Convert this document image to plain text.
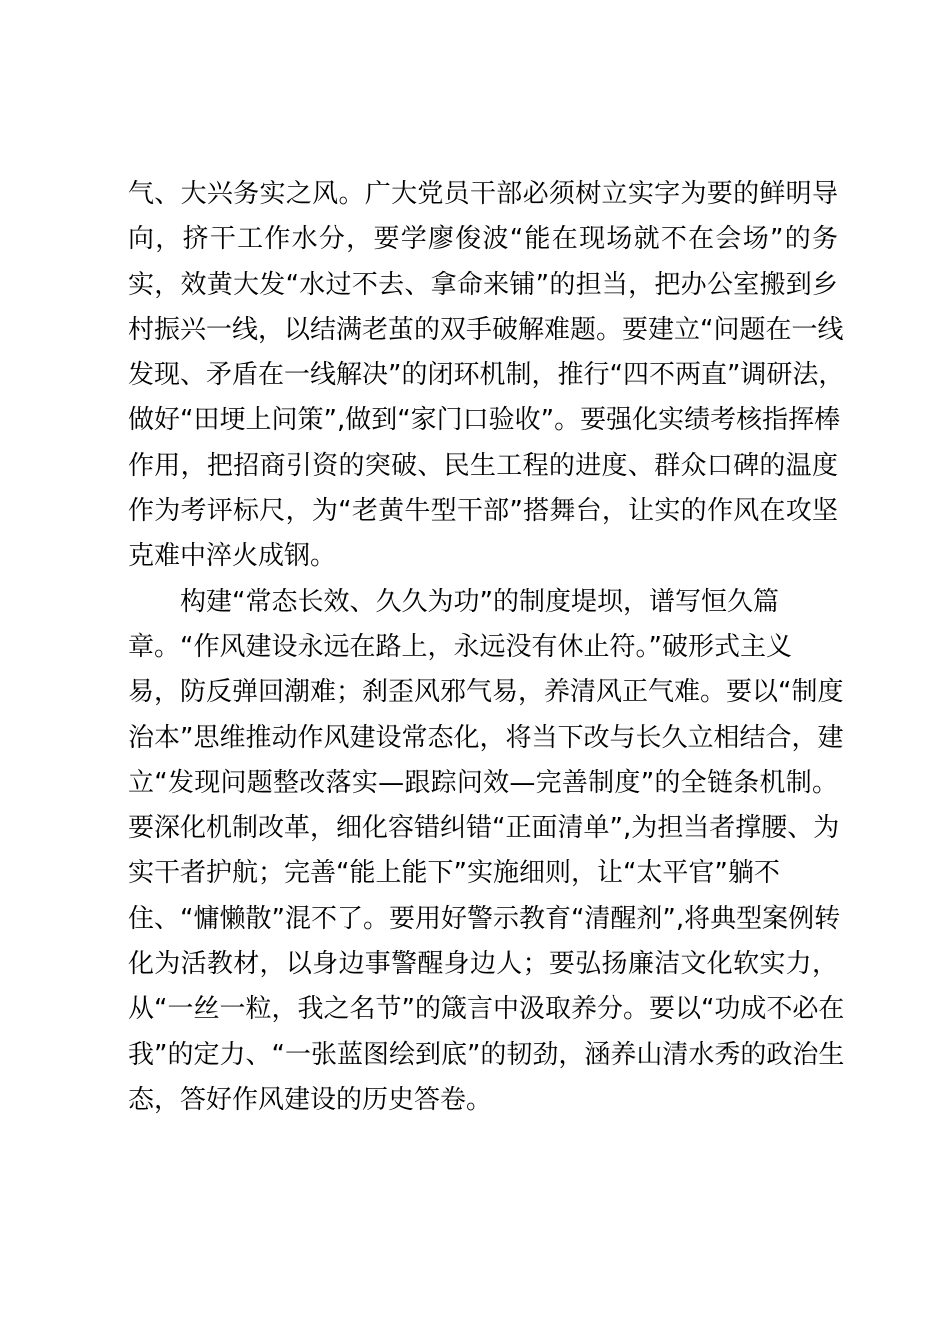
气、大兴务实之风。广大党员干部必须树立实字为要的鲜明导
向，挤干工作水分，要学廖俊波“能在现场就不在会场”的务
实，效黄大发“水过不去、拿命来铺”的担当，把办公室搬到乡
村振兴一线，以结满老茧的双手破解难题。要建立“问题在一线
发现、矛盾在一线解决”的闭环机制，推行“四不两直”调研法，
做好“田埂上问策”,做到“家门口验收”。要强化实绩考核指挥棒
作用，把招商引资的突破、民生工程的进度、群众口碑的温度
作为考评标尺，为“老黄牛型干部”搭舞台，让实的作风在攻坚
克难中淬火成钢。
构建“常态长效、久久为功”的制度堤坝，谱写恒久篇
章。“作风建设永远在路上，永远没有休止符。”破形式主义
易，防反弹回潮难；刹歪风邪气易，养清风正气难。要以“制度
治本”思维推动作风建设常态化，将当下改与长久立相结合，建
立“发现问题整改落实—跟踪问效—完善制度”的全链条机制。
要深化机制改革，细化容错纠错“正面清单”,为担当者撑腰、为
实干者护航；完善“能上能下”实施细则，让“太平官”躺不
住、“慵懒散”混不了。要用好警示教育“清醒剂”,将典型案例转
化为活教材，以身边事警醒身边人；要弘扬廉洁文化软实力，
从“一丝一粒，我之名节”的箴言中汲取养分。要以“功成不必在
我”的定力、“一张蓝图绘到底”的韧劲，涵养山清水秀的政治生
态，答好作风建设的历史答卷。
